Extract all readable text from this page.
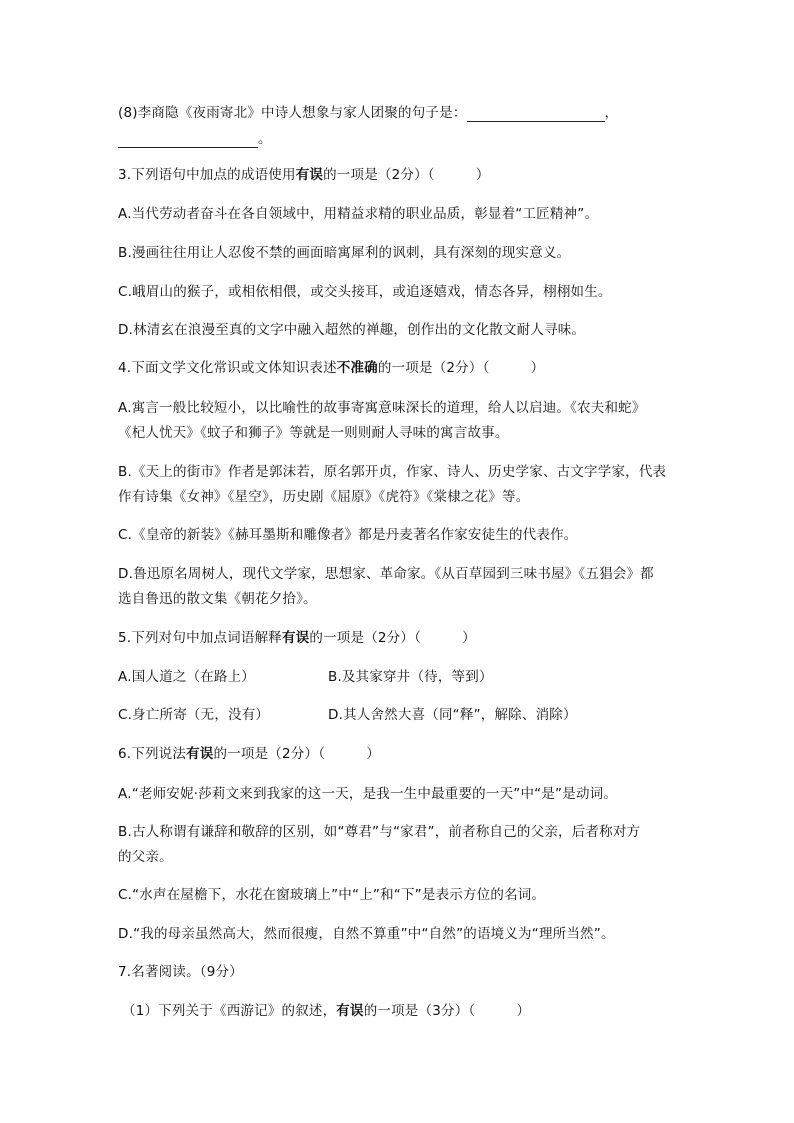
(8)李商隐《夜雨寄北》中诗人想象与家人团聚的句子是：	，
。
3.下列语句中加点的成语使用有误的一项是（2分）（　　　）
A.当代劳动者奋斗在各自领域中，用精益求精的职业品质，彰显着“工匠精神”。
B.漫画往往用让人忍俊不禁的画面暗寓犀利的讽刺，具有深刻的现实意义。
C.峨眉山的猴子，或相依相偎，或交头接耳，或追逐嬉戏，情态各异，栩栩如生。
D.林清玄在浪漫至真的文字中融入超然的禅趣，创作出的文化散文耐人寻味。
4.下面文学文化常识或文体知识表述不准确的一项是（2分）（　　　）
A.寓言一般比较短小，以比喻性的故事寄寓意味深长的道理，给人以启迪。《农夫和蛇》
《杞人忧天》《蚊子和狮子》等就是一则则耐人寻味的寓言故事。
B.《天上的街市》作者是郭沫若，原名郭开贞，作家、诗人、历史学家、古文字学家，代表
作有诗集《女神》《星空》，历史剧《屈原》《虎符》《棠棣之花》等。
C.《皇帝的新装》《赫耳墨斯和雕像者》都是丹麦著名作家安徒生的代表作。
D.鲁迅原名周树人，现代文学家，思想家、革命家。《从百草园到三味书屋》《五猖会》都
选自鲁迅的散文集《朝花夕拾》。
5.下列对句中加点词语解释有误的一项是（2分）（　　　）
A.国人道之（在路上）	B.及其家穿井（待，等到）
C.身亡所寄（无，没有）	D.其人舍然大喜（同“释”，解除、消除）
6.下列说法有误的一项是（2分）（　　　）
A.“老师安妮·莎莉文来到我家的这一天，是我一生中最重要的一天”中“是”是动词。
B.古人称谓有谦辞和敬辞的区别，如“尊君”与“家君”，前者称自己的父亲，后者称对方
的父亲。
C.“水声在屋檐下，水花在窗玻璃上”中“上”和“下”是表示方位的名词。
D.“我的母亲虽然高大，然而很瘦，自然不算重”中“自然”的语境义为“理所当然”。
7.名著阅读。（9分）
（1）下列关于《西游记》的叙述，有误的一项是（3分）（　　　）
